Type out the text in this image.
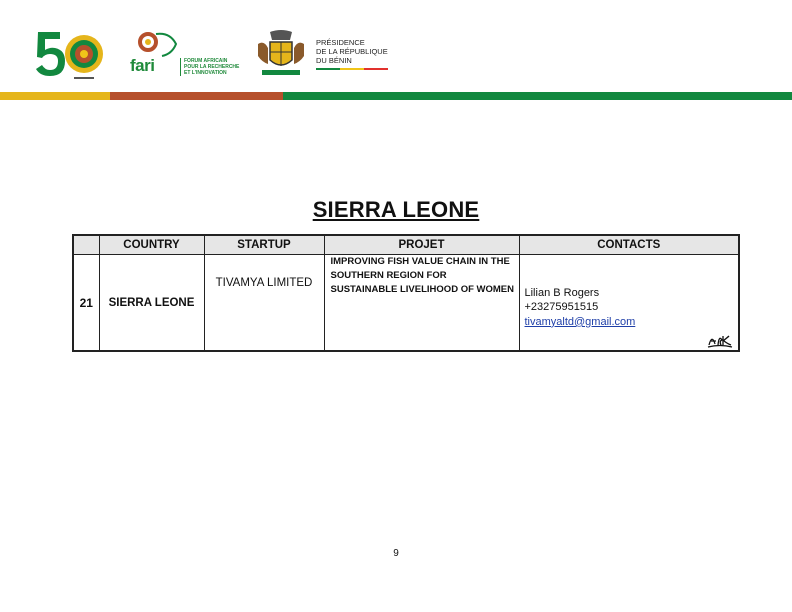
fari	FORUM AFRICAIN
POUR LA RECHERCHE
ET L'INNOVATION
PRÉSIDENCE
DE LA RÉPUBLIQUE
DU BÉNIN
SIERRA LEONE
	COUNTRY	STARTUP	PROJET	CONTACTS
21	SIERRA LEONE	TIVAMYA LIMITED	IMPROVING FISH VALUE CHAIN IN THE SOUTHERN REGION FOR SUSTAINABLE LIVELIHOOD OF WOMEN	Lilian B Rogers
+23275951515
tivamyaltd@gmail.com
9
